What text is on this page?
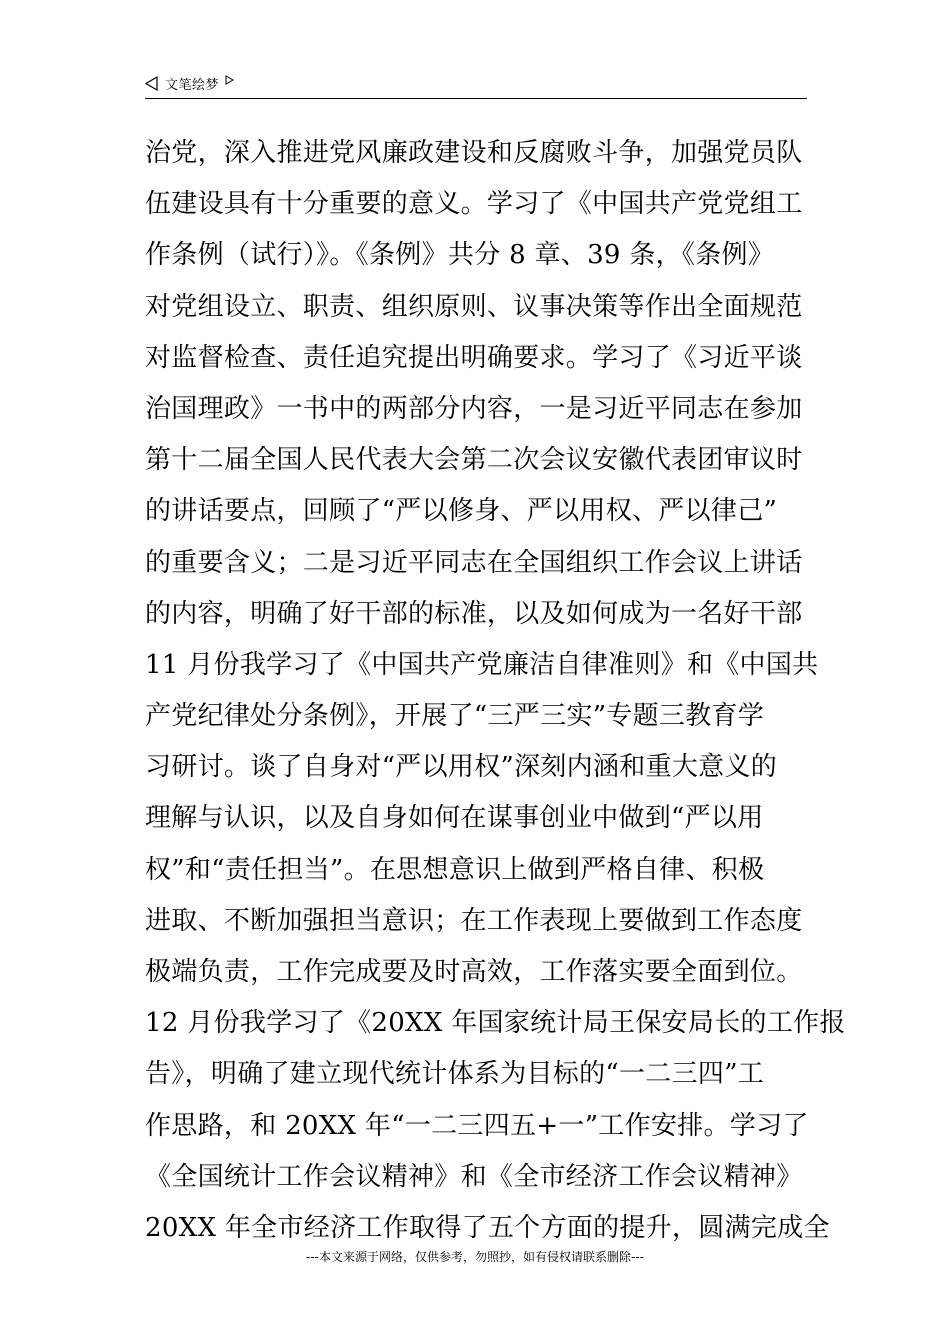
文笔绘梦
治党，深入推进党风廉政建设和反腐败斗争，加强党员队
伍建设具有十分重要的意义。学习了《中国共产党党组工
作条例（试行）》。《条例》共分 8 章、39 条，《条例》
对党组设立、职责、组织原则、议事决策等作出全面规范
对监督检查、责任追究提出明确要求。学习了《习近平谈
治国理政》一书中的两部分内容，一是习近平同志在参加
第十二届全国人民代表大会第二次会议安徽代表团审议时
的讲话要点，回顾了“严以修身、严以用权、严以律己”
的重要含义；二是习近平同志在全国组织工作会议上讲话
的内容，明确了好干部的标准，以及如何成为一名好干部
11 月份我学习了《中国共产党廉洁自律准则》和《中国共
产党纪律处分条例》，开展了“三严三实”专题三教育学
习研讨。谈了自身对“严以用权”深刻内涵和重大意义的
理解与认识，以及自身如何在谋事创业中做到“严以用
权”和“责任担当”。在思想意识上做到严格自律、积极
进取、不断加强担当意识；在工作表现上要做到工作态度
极端负责，工作完成要及时高效，工作落实要全面到位。
12 月份我学习了《20XX 年国家统计局王保安局长的工作报
告》，明确了建立现代统计体系为目标的“一二三四”工
作思路，和 20XX 年“一二三四五+一”工作安排。学习了
《全国统计工作会议精神》和《全市经济工作会议精神》
20XX 年全市经济工作取得了五个方面的提升，圆满完成全
---本文来源于网络，仅供参考，勿照抄，如有侵权请联系删除---
